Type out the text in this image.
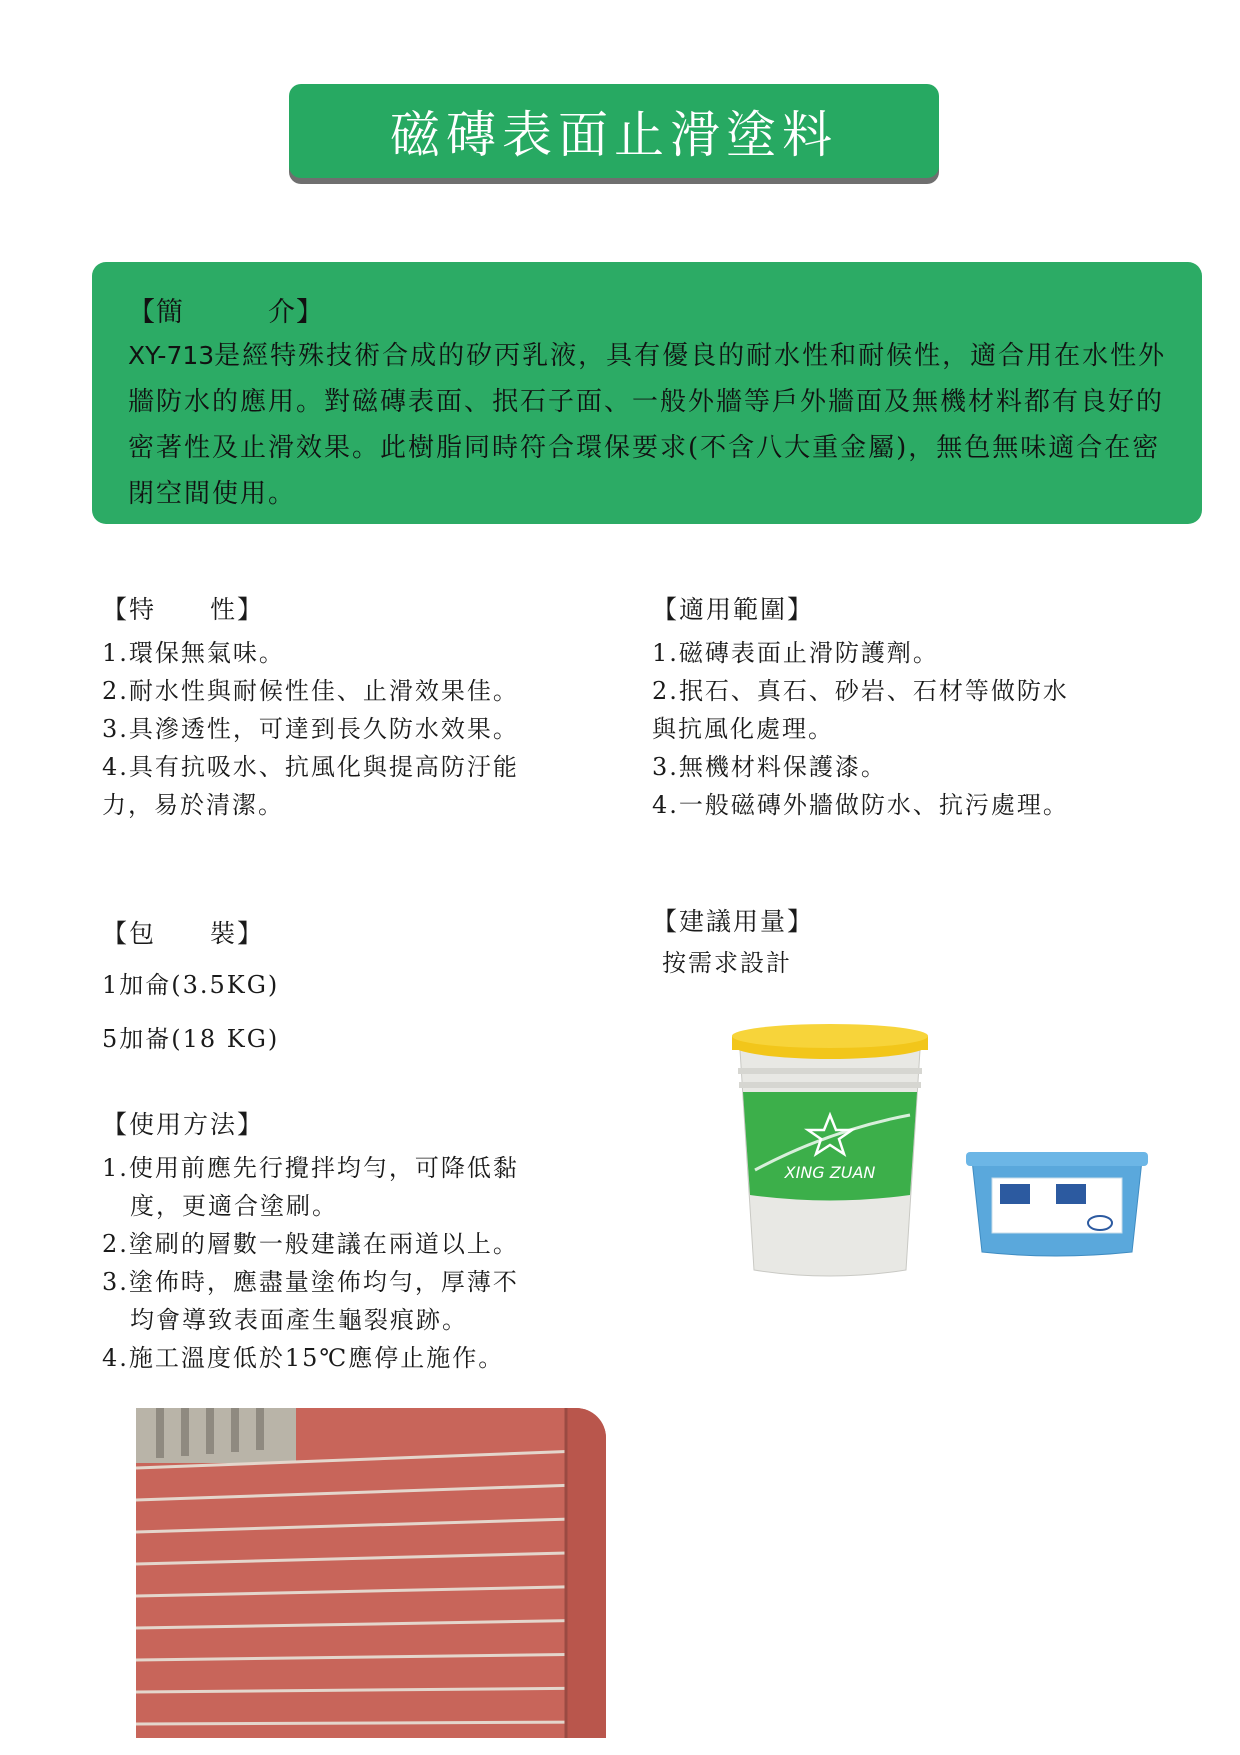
磁磚表面止滑塗料

【簡　　　介】

XY-713是經特殊技術合成的矽丙乳液，具有優良的耐水性和耐候性，適合用在水性外牆防水的應用。對磁磚表面、抿石子面、一般外牆等戶外牆面及無機材料都有良好的密著性及止滑效果。此樹脂同時符合環保要求(不含八大重金屬)，無色無味適合在密閉空間使用。

【特　　性】

1.環保無氣味。

2.耐水性與耐候性佳、止滑效果佳。

3.具滲透性，可達到長久防水效果。

4.具有抗吸水、抗風化與提高防汙能

力，易於清潔。

【適用範圍】

1.磁磚表面止滑防護劑。

2.抿石、真石、砂岩、石材等做防水

與抗風化處理。

3.無機材料保護漆。

4.一般磁磚外牆做防水、抗污處理。

【包　　裝】

1加侖(3.5KG)

5加崙(18 KG)

【建議用量】

按需求設計

【使用方法】

1.使用前應先行攪拌均勻，可降低黏

度，更適合塗刷。

2.塗刷的層數一般建議在兩道以上。

3.塗佈時，應盡量塗佈均勻，厚薄不

均會導致表面產生龜裂痕跡。

4.施工溫度低於15℃應停止施作。

XING ZUAN
